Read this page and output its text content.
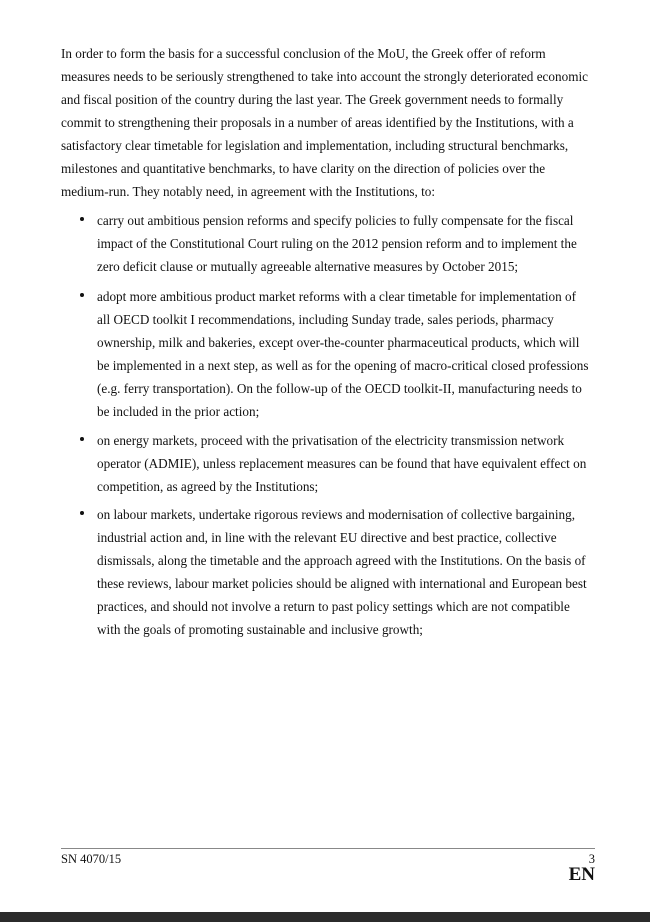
In order to form the basis for a successful conclusion of the MoU, the Greek offer of reform
measures needs to be seriously strengthened to take into account the strongly deteriorated economic
and fiscal position of the country during the last year. The Greek government needs to formally
commit to strengthening their proposals in a number of areas identified by the Institutions, with a
satisfactory clear timetable for legislation and implementation, including structural benchmarks,
milestones and quantitative benchmarks, to have clarity on the direction of policies over the
medium-run. They notably need, in agreement with the Institutions, to:

carry out ambitious pension reforms and specify policies to fully compensate for the fiscal
impact of the Constitutional Court ruling on the 2012 pension reform and to implement the
zero deficit clause or mutually agreeable alternative measures by October 2015;
adopt more ambitious product market reforms with a clear timetable for implementation of
all OECD toolkit I recommendations, including Sunday trade, sales periods, pharmacy
ownership, milk and bakeries, except over-the-counter pharmaceutical products, which will
be implemented in a next step, as well as for the opening of macro-critical closed professions
(e.g. ferry transportation). On the follow-up of the OECD toolkit-II, manufacturing needs to
be included in the prior action;
on energy markets, proceed with the privatisation of the electricity transmission network
operator (ADMIE), unless replacement measures can be found that have equivalent effect on
competition, as agreed by the Institutions;
on labour markets, undertake rigorous reviews and modernisation of collective bargaining,
industrial action and, in line with the relevant EU directive and best practice, collective
dismissals, along the timetable and the approach agreed with the Institutions. On the basis of
these reviews, labour market policies should be aligned with international and European best
practices, and should not involve a return to past policy settings which are not compatible
with the goals of promoting sustainable and inclusive growth;
SN 4070/15	3
EN
